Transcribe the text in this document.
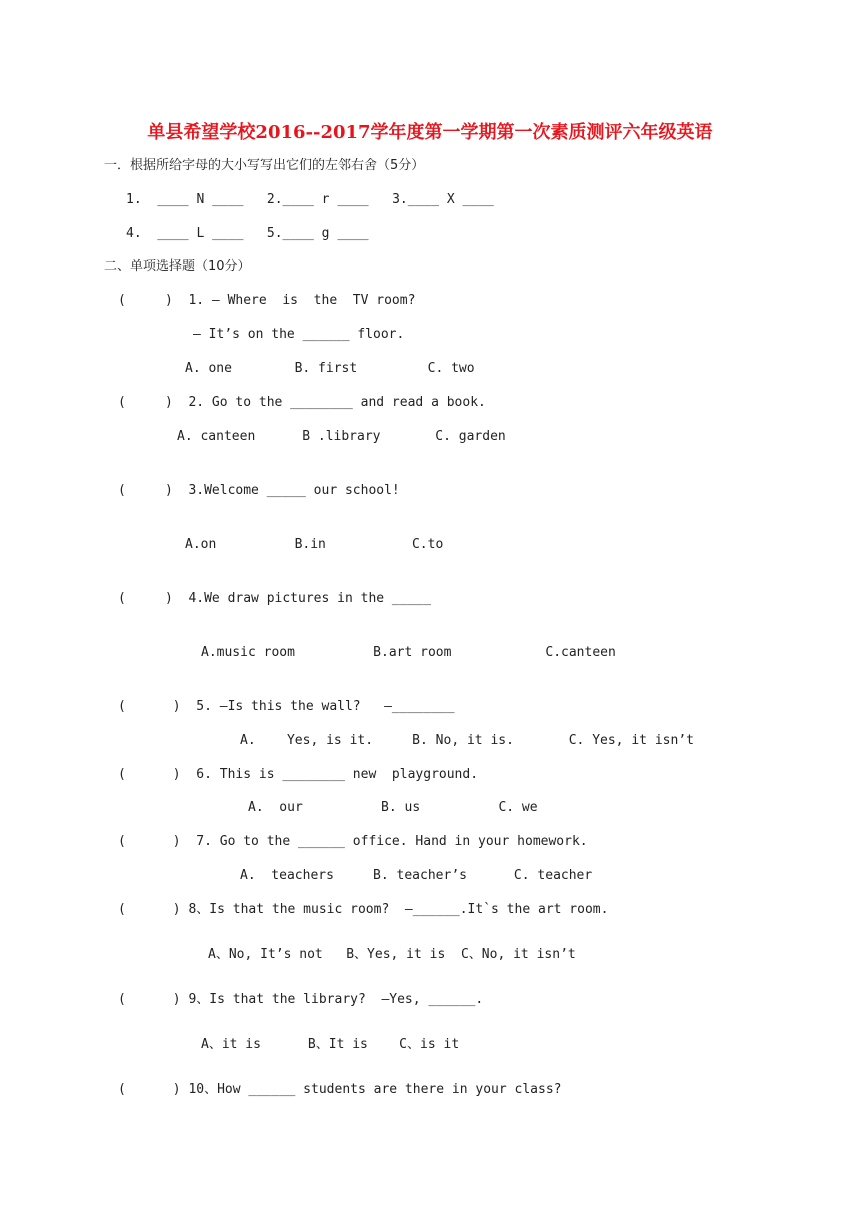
单县希望学校2016--2017学年度第一学期第一次素质测评六年级英语
一．根据所给字母的大小写写出它们的左邻右舍（5分）
1.  ____ N ____   2.____ r ____   3.____ X ____
4.  ____ L ____   5.____ g ____
二、单项选择题（10分）
(     )  1. — Where  is  the  TV room?
— It’s on the ______ floor.
A. one        B. first         C. two
(     )  2. Go to the ________ and read a book.
A. canteen      B .library       C. garden
(     )  3.Welcome _____ our school!
A.on          B.in           C.to
(     )  4.We draw pictures in the _____
A.music room          B.art room            C.canteen
(      )  5. —Is this the wall?   —________
A.    Yes, is it.     B. No, it is.       C. Yes, it isn’t
(      )  6. This is ________ new  playground.
A.  our          B. us          C. we
(      )  7. Go to the ______ office. Hand in your homework.
A.  teachers     B. teacher’s      C. teacher
(      ) 8、Is that the music room?  —______.It`s the art room.
A、No, It’s not   B、Yes, it is  C、No, it isn’t
(      ) 9、Is that the library?  —Yes, ______.
A、it is      B、It is    C、is it
(      ) 10、How ______ students are there in your class?
